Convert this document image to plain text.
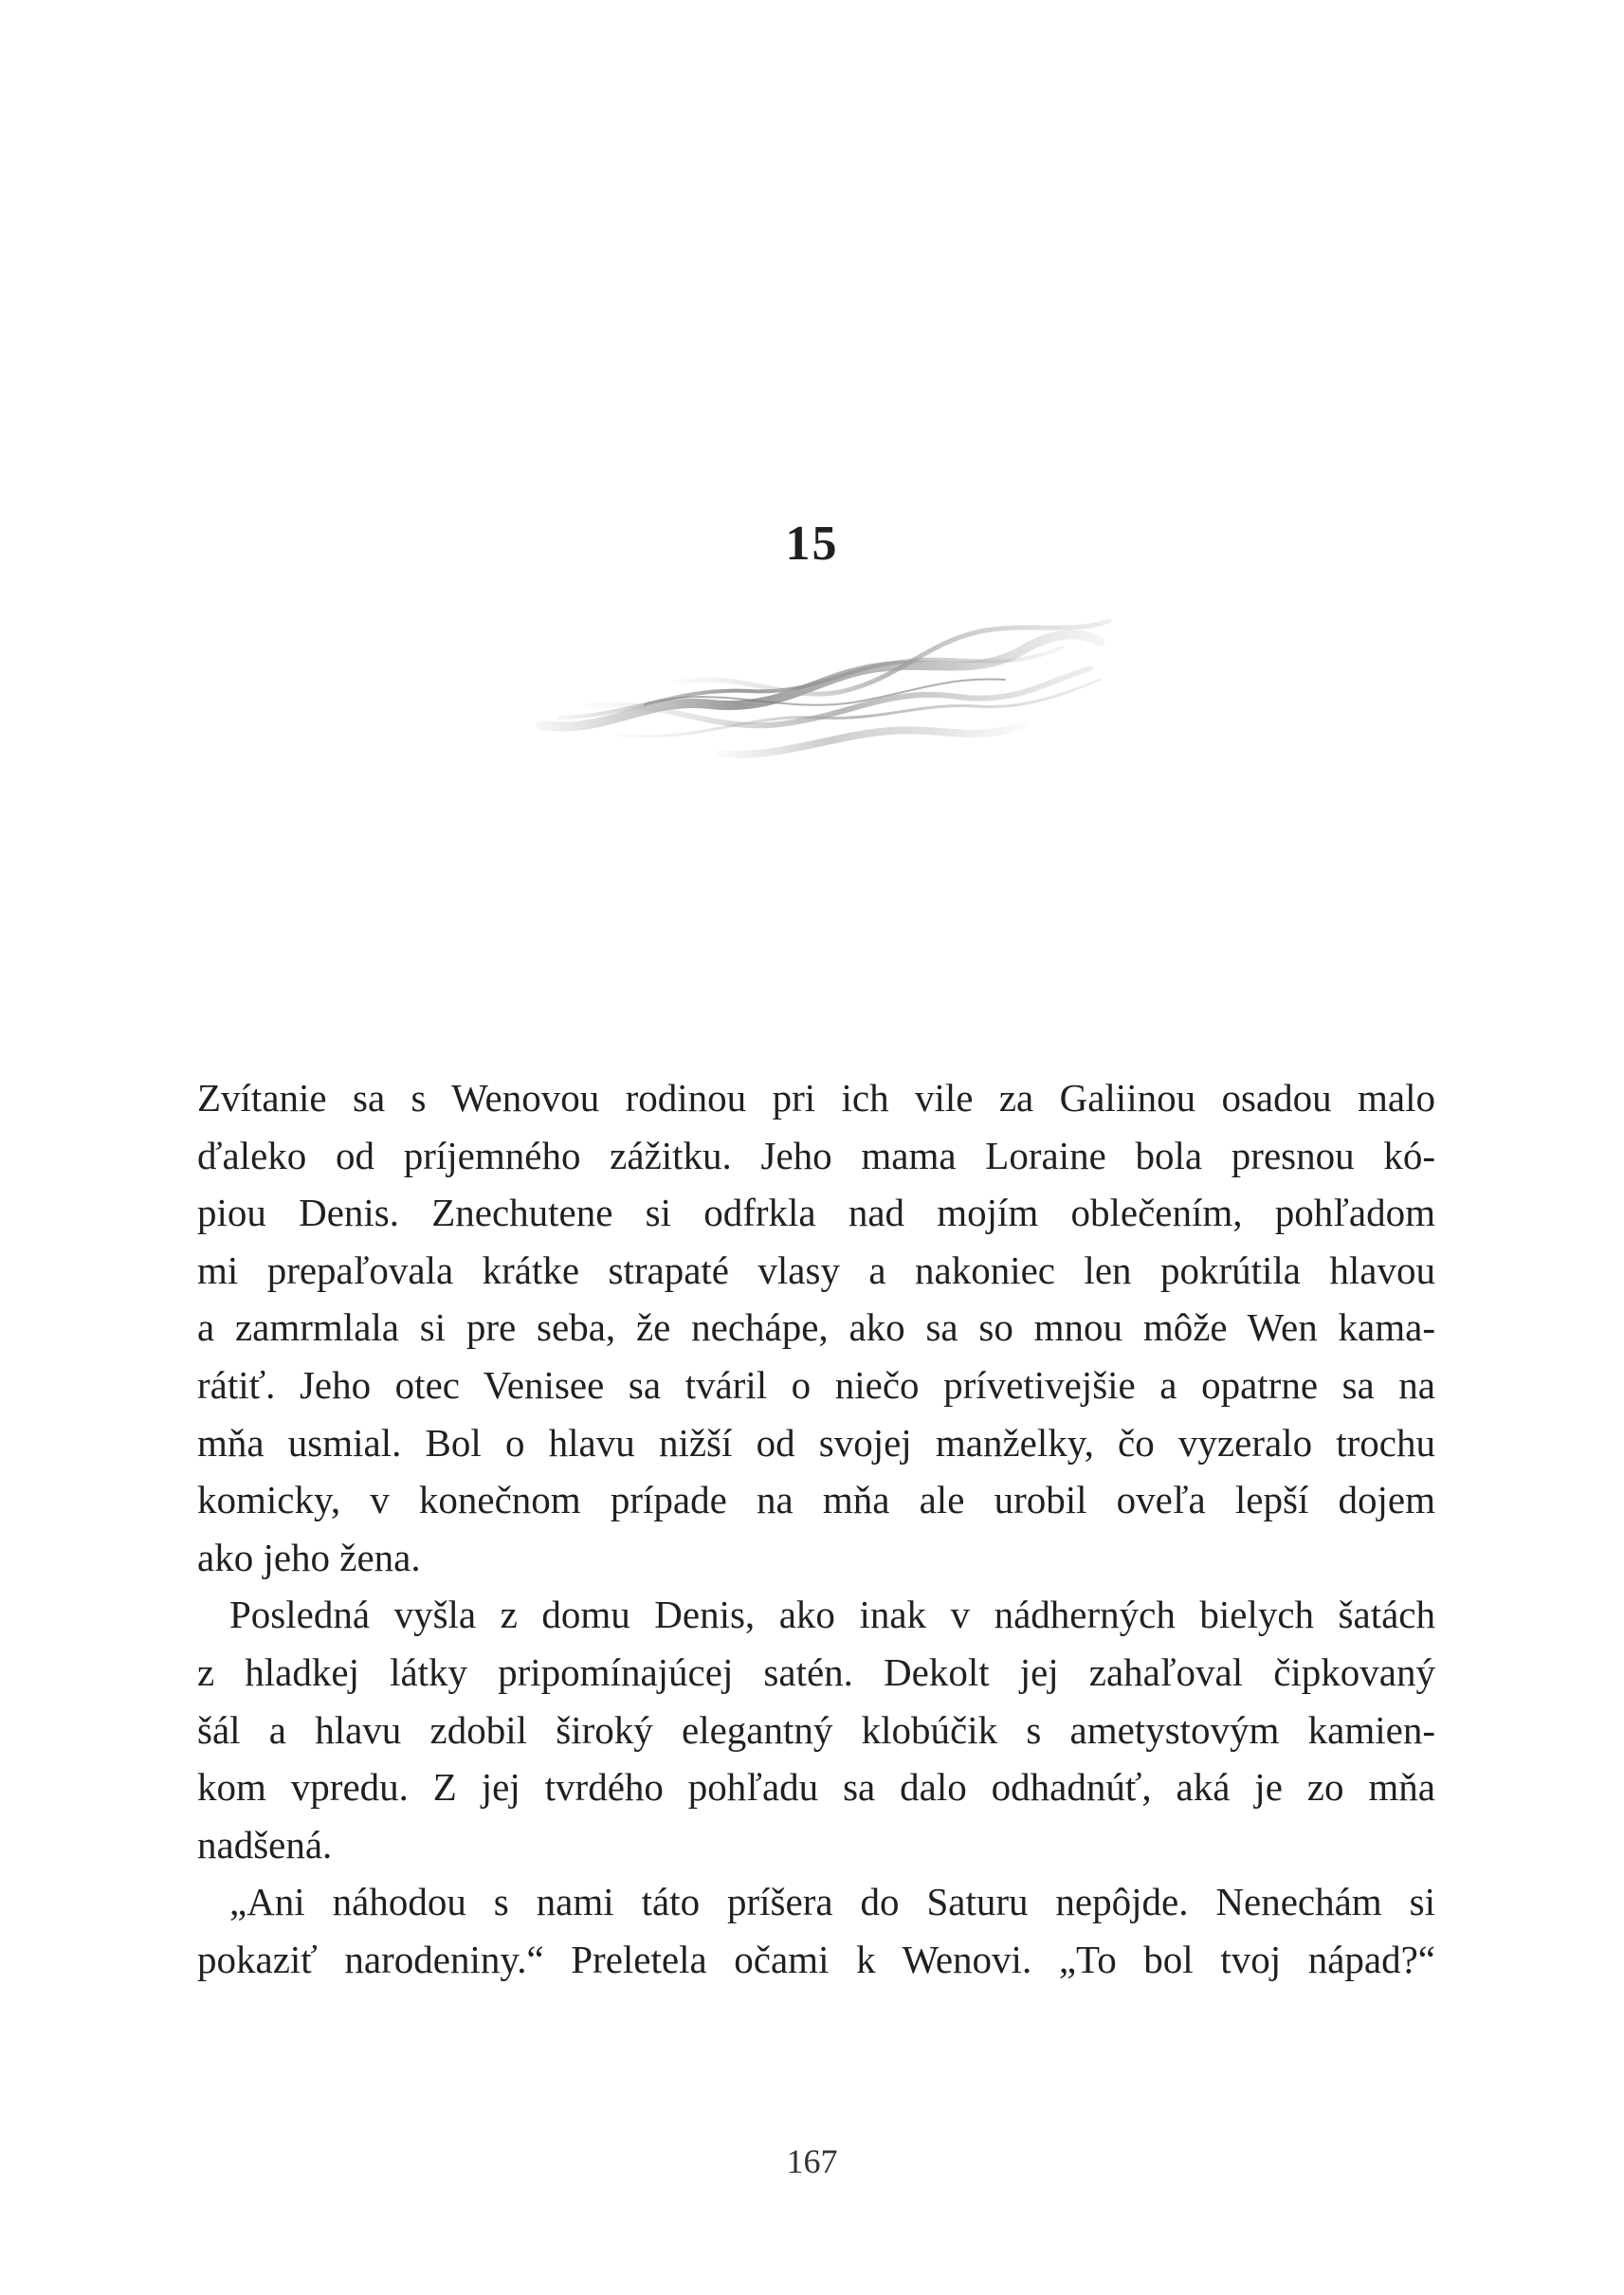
15
Zvítanie sa s Wenovou rodinou pri ich vile za Galiinou osadou malo
ďaleko od príjemného zážitku. Jeho mama Loraine bola presnou kó-
piou Denis. Znechutene si odfrkla nad mojím oblečením, pohľadom
mi prepaľovala krátke strapaté vlasy a nakoniec len pokrútila hlavou
a zamrmlala si pre seba, že nechápe, ako sa so mnou môže Wen kama-
rátiť. Jeho otec Venisee sa tváril o niečo prívetivejšie a opatrne sa na
mňa usmial. Bol o hlavu nižší od svojej manželky, čo vyzeralo trochu
komicky, v konečnom prípade na mňa ale urobil oveľa lepší dojem
ako jeho žena.
Posledná vyšla z domu Denis, ako inak v nádherných bielych šatách
z hladkej látky pripomínajúcej satén. Dekolt jej zahaľoval čipkovaný
šál a hlavu zdobil široký elegantný klobúčik s ametystovým kamien-
kom vpredu. Z jej tvrdého pohľadu sa dalo odhadnúť, aká je zo mňa
nadšená.
„Ani náhodou s nami táto príšera do Saturu nepôjde. Nenechám si
pokaziť narodeniny.“ Preletela očami k Wenovi. „To bol tvoj nápad?“
167
